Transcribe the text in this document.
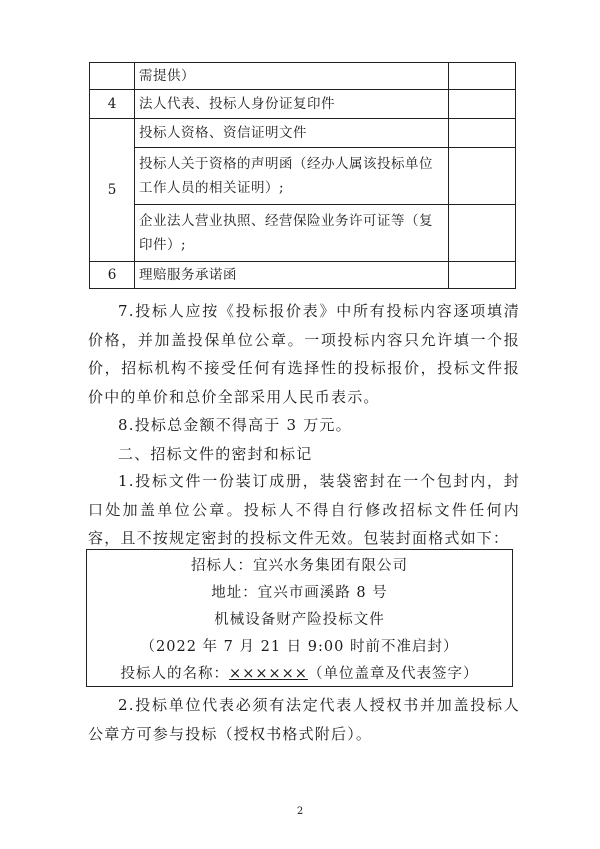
	需提供）	
4	法人代表、投标人身份证复印件	
5	投标人资格、资信证明文件
投标人关于资格的声明函（经办人属该投标单位工作人员的相关证明）;
企业法人营业执照、经营保险业务许可证等（复印件）;	

6	理赔服务承诺函	

7.投标人应按《投标报价表》中所有投标内容逐项填清价格，并加盖投保单位公章。一项投标内容只允许填一个报价，招标机构不接受任何有选择性的投标报价，投标文件报价中的单价和总价全部采用人民币表示。

8.投标总金额不得高于 3 万元。

二、招标文件的密封和标记

1.投标文件一份装订成册，装袋密封在一个包封内，封口处加盖单位公章。投标人不得自行修改招标文件任何内容，且不按规定密封的投标文件无效。包装封面格式如下：

招标人：宜兴水务集团有限公司
地址：宜兴市画溪路 8 号
机械设备财产险投标文件
（2022 年 7 月 21 日 9:00 时前不准启封）
投标人的名称：××××××（单位盖章及代表签字）

2.投标单位代表必须有法定代表人授权书并加盖投标人公章方可参与投标（授权书格式附后）。

2
